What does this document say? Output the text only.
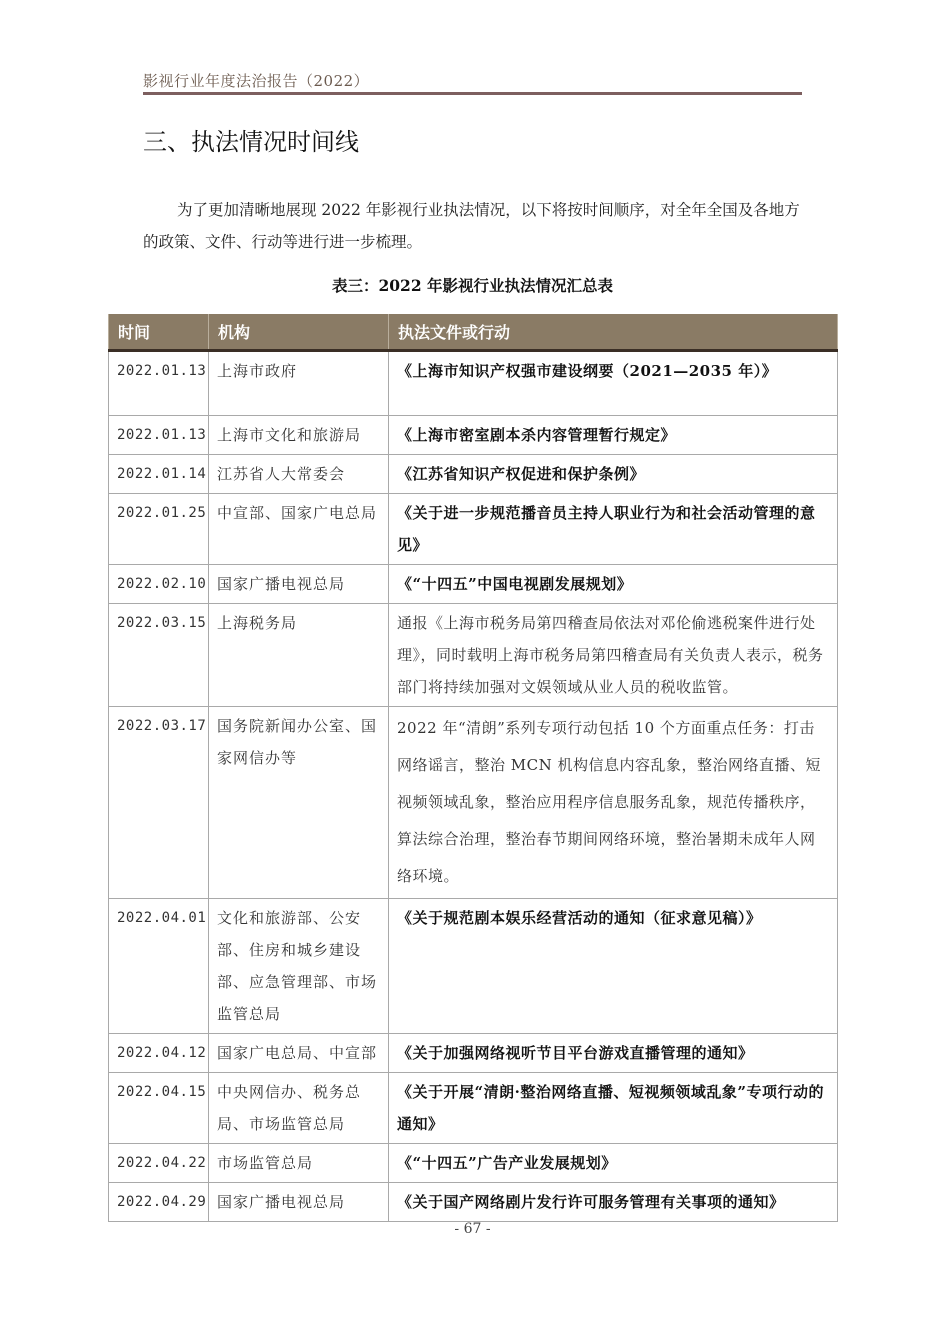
影视行业年度法治报告（2022）
三、执法情况时间线
为了更加清晰地展现 2022 年影视行业执法情况，以下将按时间顺序，对全年全国及各地方的政策、文件、行动等进行进一步梳理。
表三：2022 年影视行业执法情况汇总表
时间	机构	执法文件或行动
2022.01.13	上海市政府	《上海市知识产权强市建设纲要（2021—2035 年）》
2022.01.13	上海市文化和旅游局	《上海市密室剧本杀内容管理暂行规定》
2022.01.14	江苏省人大常委会	《江苏省知识产权促进和保护条例》
2022.01.25	中宣部、国家广电总局	《关于进一步规范播音员主持人职业行为和社会活动管理的意见》
2022.02.10	国家广播电视总局	《“十四五”中国电视剧发展规划》
2022.03.15	上海税务局	通报《上海市税务局第四稽查局依法对邓伦偷逃税案件进行处理》，同时载明上海市税务局第四稽查局有关负责人表示，税务部门将持续加强对文娱领域从业人员的税收监管。
2022.03.17	国务院新闻办公室、国家网信办等	2022 年“清朗”系列专项行动包括 10 个方面重点任务：打击网络谣言，整治 MCN 机构信息内容乱象，整治网络直播、短视频领域乱象，整治应用程序信息服务乱象，规范传播秩序，算法综合治理，整治春节期间网络环境，整治暑期未成年人网络环境。
2022.04.01	文化和旅游部、公安部、住房和城乡建设部、应急管理部、市场监管总局	《关于规范剧本娱乐经营活动的通知（征求意见稿）》
2022.04.12	国家广电总局、中宣部	《关于加强网络视听节目平台游戏直播管理的通知》
2022.04.15	中央网信办、税务总局、市场监管总局	《关于开展“清朗·整治网络直播、短视频领域乱象”专项行动的通知》
2022.04.22	市场监管总局	《“十四五”广告产业发展规划》
2022.04.29	国家广播电视总局	《关于国产网络剧片发行许可服务管理有关事项的通知》
- 67 -
